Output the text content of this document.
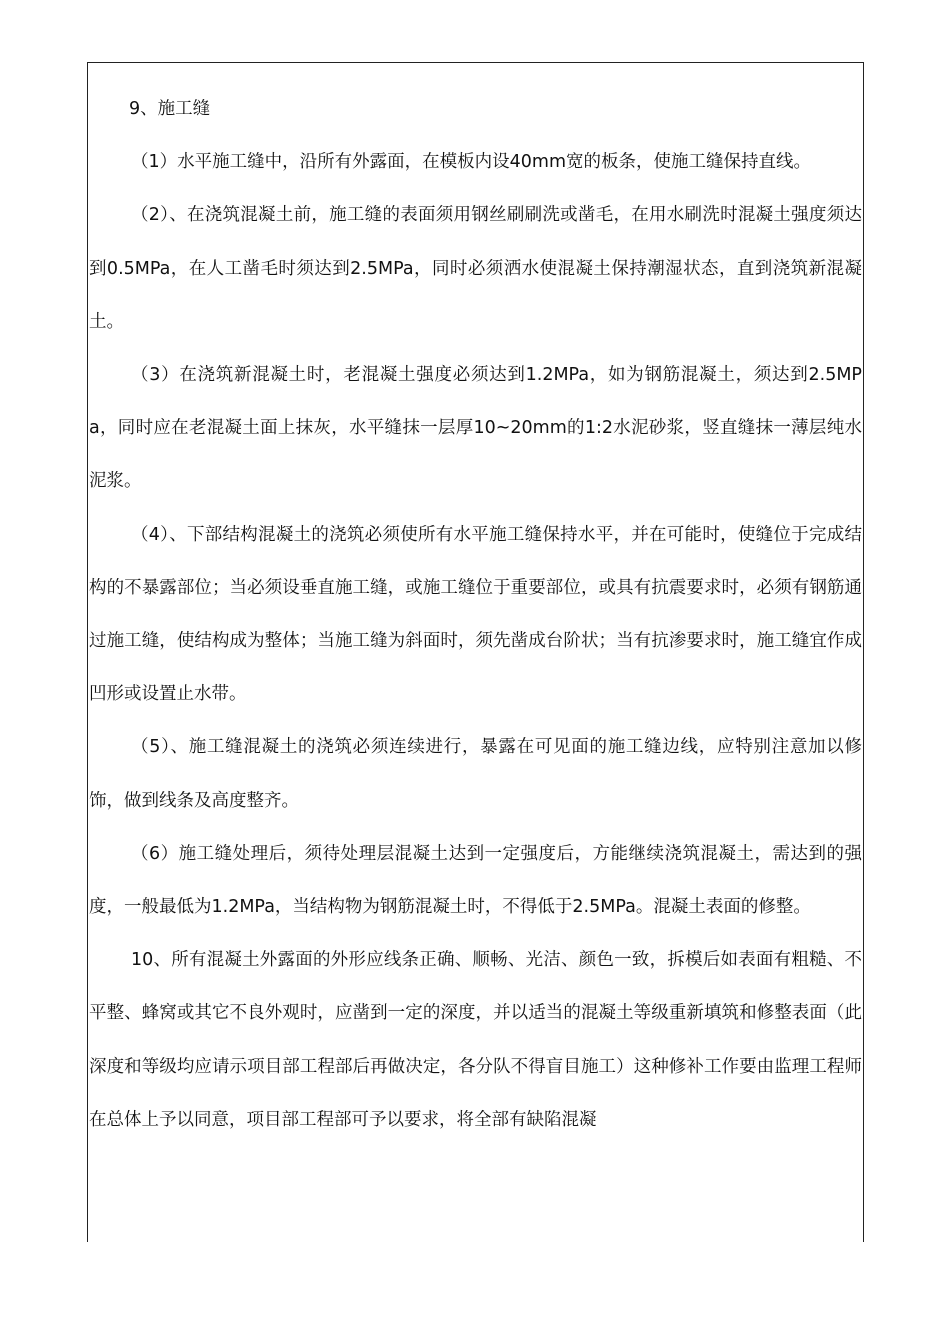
9、施工缝

（1）水平施工缝中，沿所有外露面，在模板内设40mm宽的板条，使施工缝保持直线。

（2）、在浇筑混凝土前，施工缝的表面须用钢丝刷刷洗或凿毛，在用水刷洗时混凝土强度须达到0.5MPa，在人工凿毛时须达到2.5MPa，同时必须洒水使混凝土保持潮湿状态，直到浇筑新混凝土。

（3）在浇筑新混凝土时，老混凝土强度必须达到1.2MPa，如为钢筋混凝土，须达到2.5MPa，同时应在老混凝土面上抹灰，水平缝抹一层厚10~20mm的1:2水泥砂浆，竖直缝抹一薄层纯水泥浆。

（4）、下部结构混凝土的浇筑必须使所有水平施工缝保持水平，并在可能时，使缝位于完成结构的不暴露部位；当必须设垂直施工缝，或施工缝位于重要部位，或具有抗震要求时，必须有钢筋通过施工缝，使结构成为整体；当施工缝为斜面时，须先凿成台阶状；当有抗渗要求时，施工缝宜作成凹形或设置止水带。

（5）、施工缝混凝土的浇筑必须连续进行，暴露在可见面的施工缝边线，应特别注意加以修饰，做到线条及高度整齐。

（6）施工缝处理后，须待处理层混凝土达到一定强度后，方能继续浇筑混凝土，需达到的强度，一般最低为1.2MPa，当结构物为钢筋混凝土时，不得低于2.5MPa。混凝土表面的修整。

10、所有混凝土外露面的外形应线条正确、顺畅、光洁、颜色一致，拆模后如表面有粗糙、不平整、蜂窝或其它不良外观时，应凿到一定的深度，并以适当的混凝土等级重新填筑和修整表面（此深度和等级均应请示项目部工程部后再做决定，各分队不得盲目施工）这种修补工作要由监理工程师在总体上予以同意，项目部工程部可予以要求，将全部有缺陷混凝
